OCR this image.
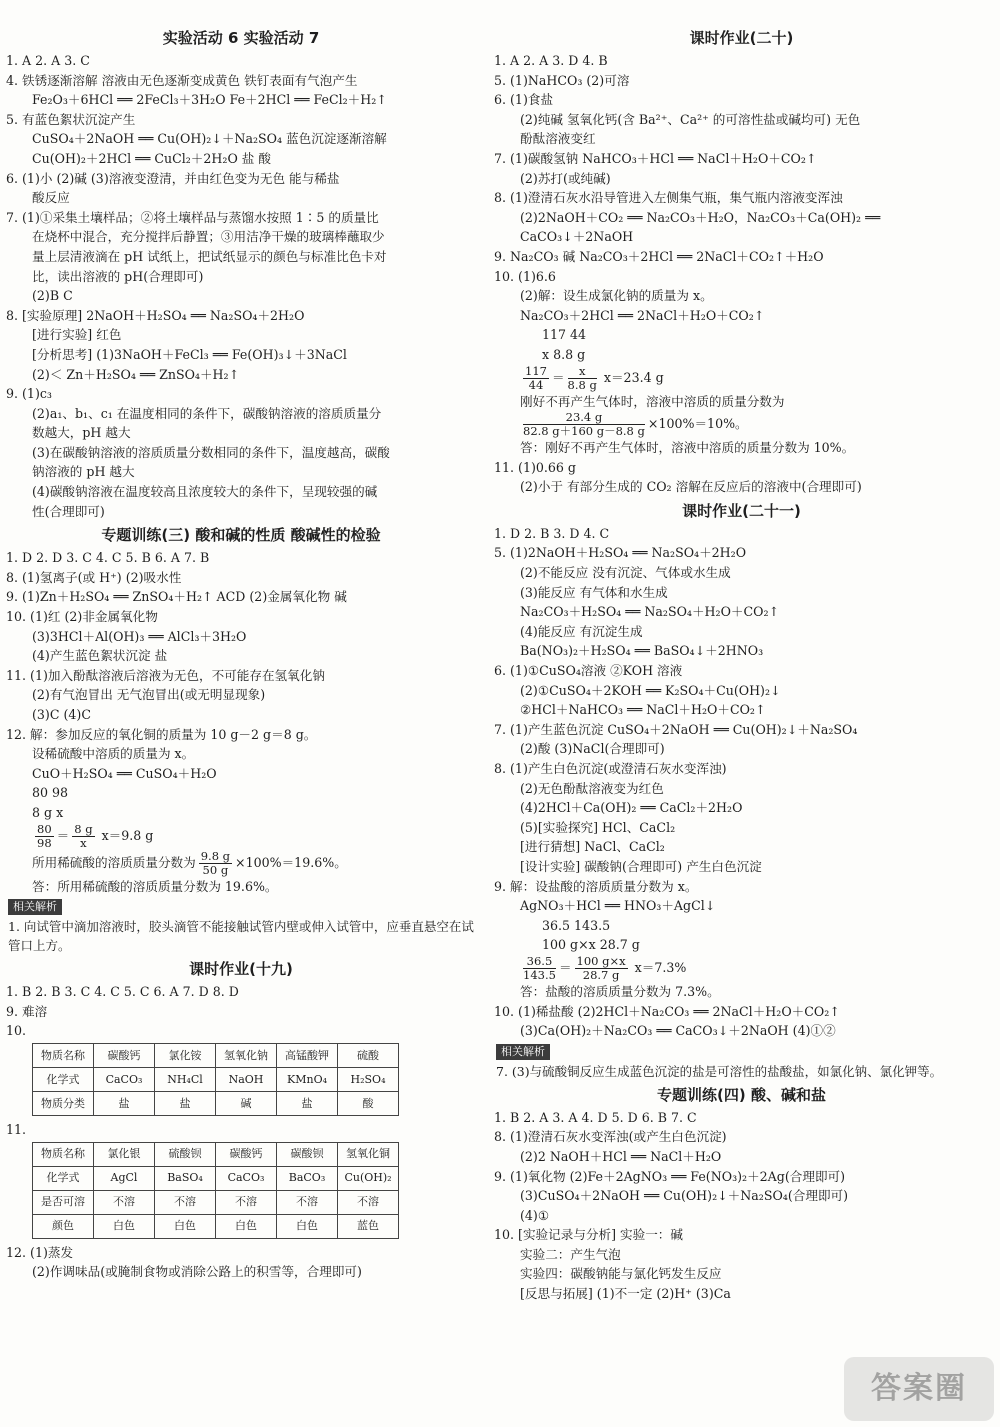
实验活动 6 实验活动 7
1. A 2. A 3. C
4. 铁锈逐渐溶解 溶液由无色逐渐变成黄色 铁钉表面有气泡产生
Fe₂O₃＋6HCl ══ 2FeCl₃＋3H₂O Fe＋2HCl ══ FeCl₂＋H₂↑
5. 有蓝色絮状沉淀产生
CuSO₄＋2NaOH ══ Cu(OH)₂↓＋Na₂SO₄ 蓝色沉淀逐渐溶解
Cu(OH)₂＋2HCl ══ CuCl₂＋2H₂O 盐 酸
6. (1)小 (2)碱 (3)溶液变澄清，并由红色变为无色 能与稀盐
酸反应
7. (1)①采集土壤样品；②将土壤样品与蒸馏水按照 1∶5 的质量比
在烧杯中混合，充分搅拌后静置；③用洁净干燥的玻璃棒蘸取少
量上层清液滴在 pH 试纸上，把试纸显示的颜色与标准比色卡对
比，读出溶液的 pH(合理即可)
(2)B C
8. [实验原理] 2NaOH＋H₂SO₄ ══ Na₂SO₄＋2H₂O
[进行实验] 红色
[分析思考] (1)3NaOH＋FeCl₃ ══ Fe(OH)₃↓＋3NaCl
(2)＜ Zn＋H₂SO₄ ══ ZnSO₄＋H₂↑
9. (1)c₃
(2)a₁、b₁、c₁ 在温度相同的条件下，碳酸钠溶液的溶质质量分
数越大，pH 越大
(3)在碳酸钠溶液的溶质质量分数相同的条件下，温度越高，碳酸
钠溶液的 pH 越大
(4)碳酸钠溶液在温度较高且浓度较大的条件下，呈现较强的碱
性(合理即可)
专题训练(三) 酸和碱的性质 酸碱性的检验
1. D 2. D 3. C 4. C 5. B 6. A 7. B
8. (1)氢离子(或 H⁺) (2)吸水性
9. (1)Zn＋H₂SO₄ ══ ZnSO₄＋H₂↑ ACD (2)金属氧化物 碱
10. (1)红 (2)非金属氧化物
(3)3HCl＋Al(OH)₃ ══ AlCl₃＋3H₂O
(4)产生蓝色絮状沉淀 盐
11. (1)加入酚酞溶液后溶液为无色，不可能存在氢氧化钠
(2)有气泡冒出 无气泡冒出(或无明显现象)
(3)C (4)C
12. 解：参加反应的氧化铜的质量为 10 g－2 g＝8 g。
设稀硫酸中溶质的质量为 x。
CuO＋H₂SO₄ ══ CuSO₄＋H₂O
80 98
8 g x
$\frac{80}{98} = \frac{8 g}{x} x=9.8$ g
所用稀硫酸的溶质质量分数为 $\frac{9.8 g}{50 g} \times 100\%=19.6\%$。
答：所用稀硫酸的溶质质量分数为 19.6%。
相关解析
1. 向试管中滴加溶液时，胶头滴管不能接触试管内壁或伸入试管中，应垂直悬空在试管口上方。
课时作业(十九)
1. B 2. B 3. C 4. C 5. C 6. A 7. D 8. D
9. 难溶
10.
物质名称	碳酸钙	氯化铵	氢氧化钠	高锰酸钾	硫酸
化学式	CaCO₃	NH₄Cl	NaOH	KMnO₄	H₂SO₄
物质分类	盐	盐	碱	盐	酸
11.
物质名称	氯化银	硫酸钡	碳酸钙	碳酸钡	氢氧化铜
化学式	AgCl	BaSO₄	CaCO₃	BaCO₃	Cu(OH)₂
是否可溶	不溶	不溶	不溶	不溶	不溶
颜色	白色	白色	白色	白色	蓝色
12. (1)蒸发
(2)作调味品(或腌制食物或消除公路上的积雪等，合理即可)
课时作业(二十)
1. A 2. A 3. D 4. B
5. (1)NaHCO₃ (2)可溶
6. (1)食盐
(2)纯碱 氢氧化钙(含 Ba²⁺、Ca²⁺ 的可溶性盐或碱均可) 无色
酚酞溶液变红
7. (1)碳酸氢钠 NaHCO₃＋HCl ══ NaCl＋H₂O＋CO₂↑
(2)苏打(或纯碱)
8. (1)澄清石灰水沿导管进入左侧集气瓶，集气瓶内溶液变浑浊
(2)2NaOH＋CO₂ ══ Na₂CO₃＋H₂O，Na₂CO₃＋Ca(OH)₂ ══
CaCO₃↓＋2NaOH
9. Na₂CO₃ 碱 Na₂CO₃＋2HCl ══ 2NaCl＋CO₂↑＋H₂O
10. (1)6.6
(2)解：设生成氯化钠的质量为 x。
Na₂CO₃＋2HCl ══ 2NaCl＋H₂O＋CO₂↑
117 44
x 8.8 g
$\frac{117}{44} = \frac{x}{8.8 g} x=23.4$ g
刚好不再产生气体时，溶液中溶质的质量分数为
$\frac{23.4 g}{82.8 g+160 g-8.8 g} \times 100\%=10\%$。
答：刚好不再产生气体时，溶液中溶质的质量分数为 10%。
11. (1)0.66 g
(2)小于 有部分生成的 CO₂ 溶解在反应后的溶液中(合理即可)
课时作业(二十一)
1. D 2. B 3. D 4. C
5. (1)2NaOH＋H₂SO₄ ══ Na₂SO₄＋2H₂O
(2)不能反应 没有沉淀、气体或水生成
(3)能反应 有气体和水生成
Na₂CO₃＋H₂SO₄ ══ Na₂SO₄＋H₂O＋CO₂↑
(4)能反应 有沉淀生成
Ba(NO₃)₂＋H₂SO₄ ══ BaSO₄↓＋2HNO₃
6. (1)①CuSO₄溶液 ②KOH 溶液
(2)①CuSO₄＋2KOH ══ K₂SO₄＋Cu(OH)₂↓
②HCl＋NaHCO₃ ══ NaCl＋H₂O＋CO₂↑
7. (1)产生蓝色沉淀 CuSO₄＋2NaOH ══ Cu(OH)₂↓＋Na₂SO₄
(2)酸 (3)NaCl(合理即可)
8. (1)产生白色沉淀(或澄清石灰水变浑浊)
(2)无色酚酞溶液变为红色
(4)2HCl＋Ca(OH)₂ ══ CaCl₂＋2H₂O
(5)[实验探究] HCl、CaCl₂
[进行猜想] NaCl、CaCl₂
[设计实验] 碳酸钠(合理即可) 产生白色沉淀
9. 解：设盐酸的溶质质量分数为 x。
AgNO₃＋HCl ══ HNO₃＋AgCl↓
36.5 143.5
100 g×x 28.7 g
$\frac{36.5}{143.5} = \frac{100 g\times x}{28.7 g} x=7.3\%$
答：盐酸的溶质质量分数为 7.3%。
10. (1)稀盐酸 (2)2HCl＋Na₂CO₃ ══ 2NaCl＋H₂O＋CO₂↑
(3)Ca(OH)₂＋Na₂CO₃ ══ CaCO₃↓＋2NaOH (4)①②
相关解析
7. (3)与硫酸铜反应生成蓝色沉淀的盐是可溶性的盐酸盐，如氯化钠、氯化钾等。
专题训练(四) 酸、碱和盐
1. B 2. A 3. A 4. D 5. D 6. B 7. C
8. (1)澄清石灰水变浑浊(或产生白色沉淀)
(2)2 NaOH＋HCl ══ NaCl＋H₂O
9. (1)氧化物 (2)Fe＋2AgNO₃ ══ Fe(NO₃)₂＋2Ag(合理即可)
(3)CuSO₄＋2NaOH ══ Cu(OH)₂↓＋Na₂SO₄(合理即可)
(4)①
10. [实验记录与分析] 实验一：碱
实验二：产生气泡
实验四：碳酸钠能与氯化钙发生反应
[反思与拓展] (1)不一定 (2)H⁺ (3)Ca
答案圈
